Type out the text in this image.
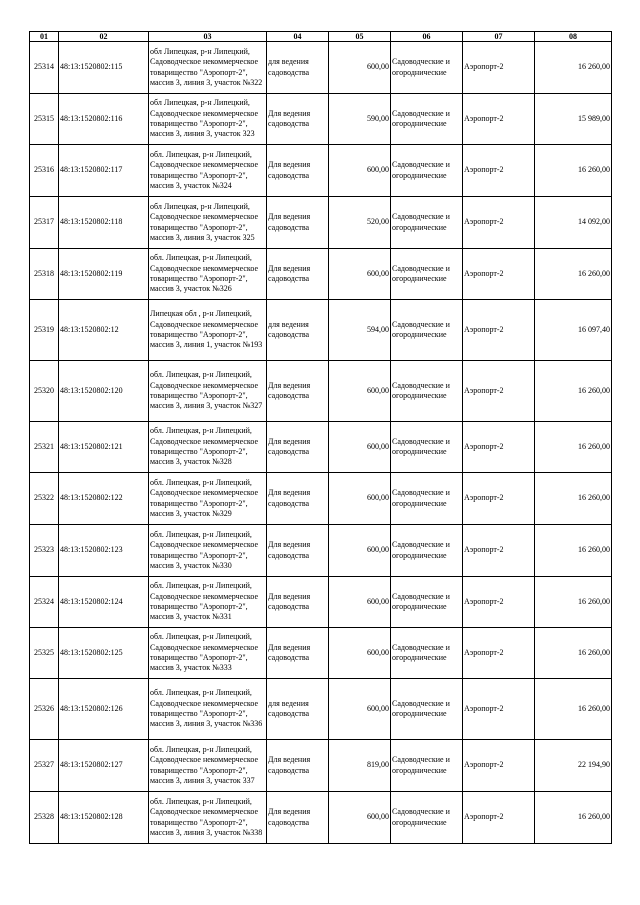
01	02	03	04	05	06	07	08

25314	48:13:1520802:115	обл Липецкая, р-н Липецкий, Садоводческое некоммерческое товарищество "Аэропорт-2", массив 3, линия 3, участок №322	для ведения садоводства	600,00	Садоводческие и огороднические	Аэропорт-2	16 260,00

25315	48:13:1520802:116	обл Липецкая, р-н Липецкий, Садоводческое некоммерческое товарищество "Аэропорт-2", массив 3, линия 3, участок 323	Для ведения садоводства	590,00	Садоводческие и огороднические	Аэропорт-2	15 989,00

25316	48:13:1520802:117	обл. Липецкая, р-н Липецкий, Садоводческое некоммерческое товарищество "Аэропорт-2", массив 3, участок №324	Для ведения садоводства	600,00	Садоводческие и огороднические	Аэропорт-2	16 260,00

25317	48:13:1520802:118	обл Липецкая, р-н Липецкий, Садоводческое некоммерческое товарищество "Аэропорт-2", массив 3, линия 3, участок 325	Для ведения садоводства	520,00	Садоводческие и огороднические	Аэропорт-2	14 092,00

25318	48:13:1520802:119	обл. Липецкая, р-н Липецкий, Садоводческое некоммерческое товарищество "Аэропорт-2", массив 3, участок №326	Для ведения садоводства	600,00	Садоводческие и огороднические	Аэропорт-2	16 260,00

25319	48:13:1520802:12	Липецкая обл , р-н Липецкий, Садоводческое некоммерческое товарищество "Аэропорт-2", массив 3, линия 1, участок №193	для ведения садоводства	594,00	Садоводческие и огороднические	Аэропорт-2	16 097,40

25320	48:13:1520802:120	обл. Липецкая, р-н Липецкий, Садоводческое некоммерческое товарищество "Аэропорт-2", массив 3, линия 3, участок №327	Для ведения садоводства	600,00	Садоводческие и огороднические	Аэропорт-2	16 260,00

25321	48:13:1520802:121	обл. Липецкая, р-н Липецкий, Садоводческое некоммерческое товарищество "Аэропорт-2", массив 3, участок №328	Для ведения садоводства	600,00	Садоводческие и огороднические	Аэропорт-2	16 260,00

25322	48:13:1520802:122	обл. Липецкая, р-н Липецкий, Садоводческое некоммерческое товарищество "Аэропорт-2", массив 3, участок №329	Для ведения садоводства	600,00	Садоводческие и огороднические	Аэропорт-2	16 260,00

25323	48:13:1520802:123	обл. Липецкая, р-н Липецкий, Садоводческое некоммерческое товарищество "Аэропорт-2", массив 3, участок №330	Для ведения садоводства	600,00	Садоводческие и огороднические	Аэропорт-2	16 260,00

25324	48:13:1520802:124	обл. Липецкая, р-н Липецкий, Садоводческое некоммерческое товарищество "Аэропорт-2", массив 3, участок №331	Для ведения садоводства	600,00	Садоводческие и огороднические	Аэропорт-2	16 260,00

25325	48:13:1520802:125	обл. Липецкая, р-н Липецкий, Садоводческое некоммерческое товарищество "Аэропорт-2", массив 3, участок №333	Для ведения садоводства	600,00	Садоводческие и огороднические	Аэропорт-2	16 260,00

25326	48:13:1520802:126	обл. Липецкая, р-н Липецкий, Садоводческое некоммерческое товарищество "Аэропорт-2", массив 3, линия 3, участок №336	для ведения садоводства	600,00	Садоводческие и огороднические	Аэропорт-2	16 260,00

25327	48:13:1520802:127	обл. Липецкая, р-н Липецкий, Садоводческое некоммерческое товарищество "Аэропорт-2", массив 3, линия 3, участок 337	Для ведения садоводства	819,00	Садоводческие и огороднические	Аэропорт-2	22 194,90

25328	48:13:1520802:128	обл. Липецкая, р-н Липецкий, Садоводческое некоммерческое товарищество "Аэропорт-2", массив 3, линия 3, участок №338	Для ведения садоводства	600,00	Садоводческие и огороднические	Аэропорт-2	16 260,00
